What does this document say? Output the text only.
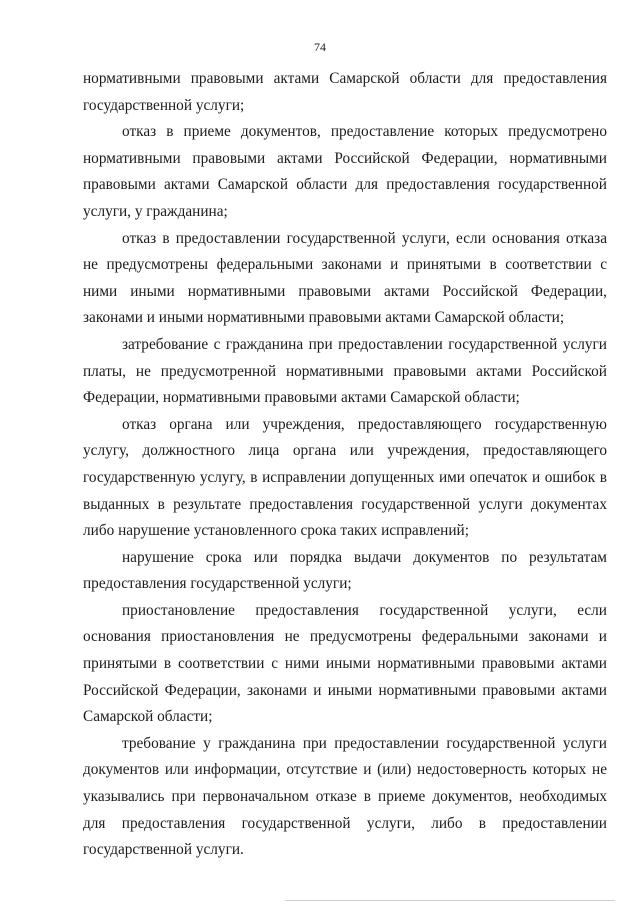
74

нормативными правовыми актами Самарской области для предоставления государственной услуги;

отказ в приеме документов, предоставление которых предусмотрено нормативными правовыми актами Российской Федерации, нормативными правовыми актами Самарской области для предоставления государственной услуги, у гражданина;

отказ в предоставлении государственной услуги, если основания отказа не предусмотрены федеральными законами и принятыми в соответствии с ними иными нормативными правовыми актами Российской Федерации, законами и иными нормативными правовыми актами Самарской области;

затребование с гражданина при предоставлении государственной услуги платы, не предусмотренной нормативными правовыми актами Российской Федерации, нормативными правовыми актами Самарской области;

отказ органа или учреждения, предоставляющего государственную услугу, должностного лица органа или учреждения, предоставляющего государственную услугу, в исправлении допущенных ими опечаток и ошибок в выданных в результате предоставления государственной услуги документах либо нарушение установленного срока таких исправлений;

нарушение срока или порядка выдачи документов по результатам предоставления государственной услуги;

приостановление предоставления государственной услуги, если основания приостановления не предусмотрены федеральными законами и принятыми в соответствии с ними иными нормативными правовыми актами Российской Федерации, законами и иными нормативными правовыми актами Самарской области;

требование у гражданина при предоставлении государственной услуги документов или информации, отсутствие и (или) недостоверность которых не указывались при первоначальном отказе в приеме документов, необходимых для предоставления государственной услуги, либо в предоставлении государственной услуги.
